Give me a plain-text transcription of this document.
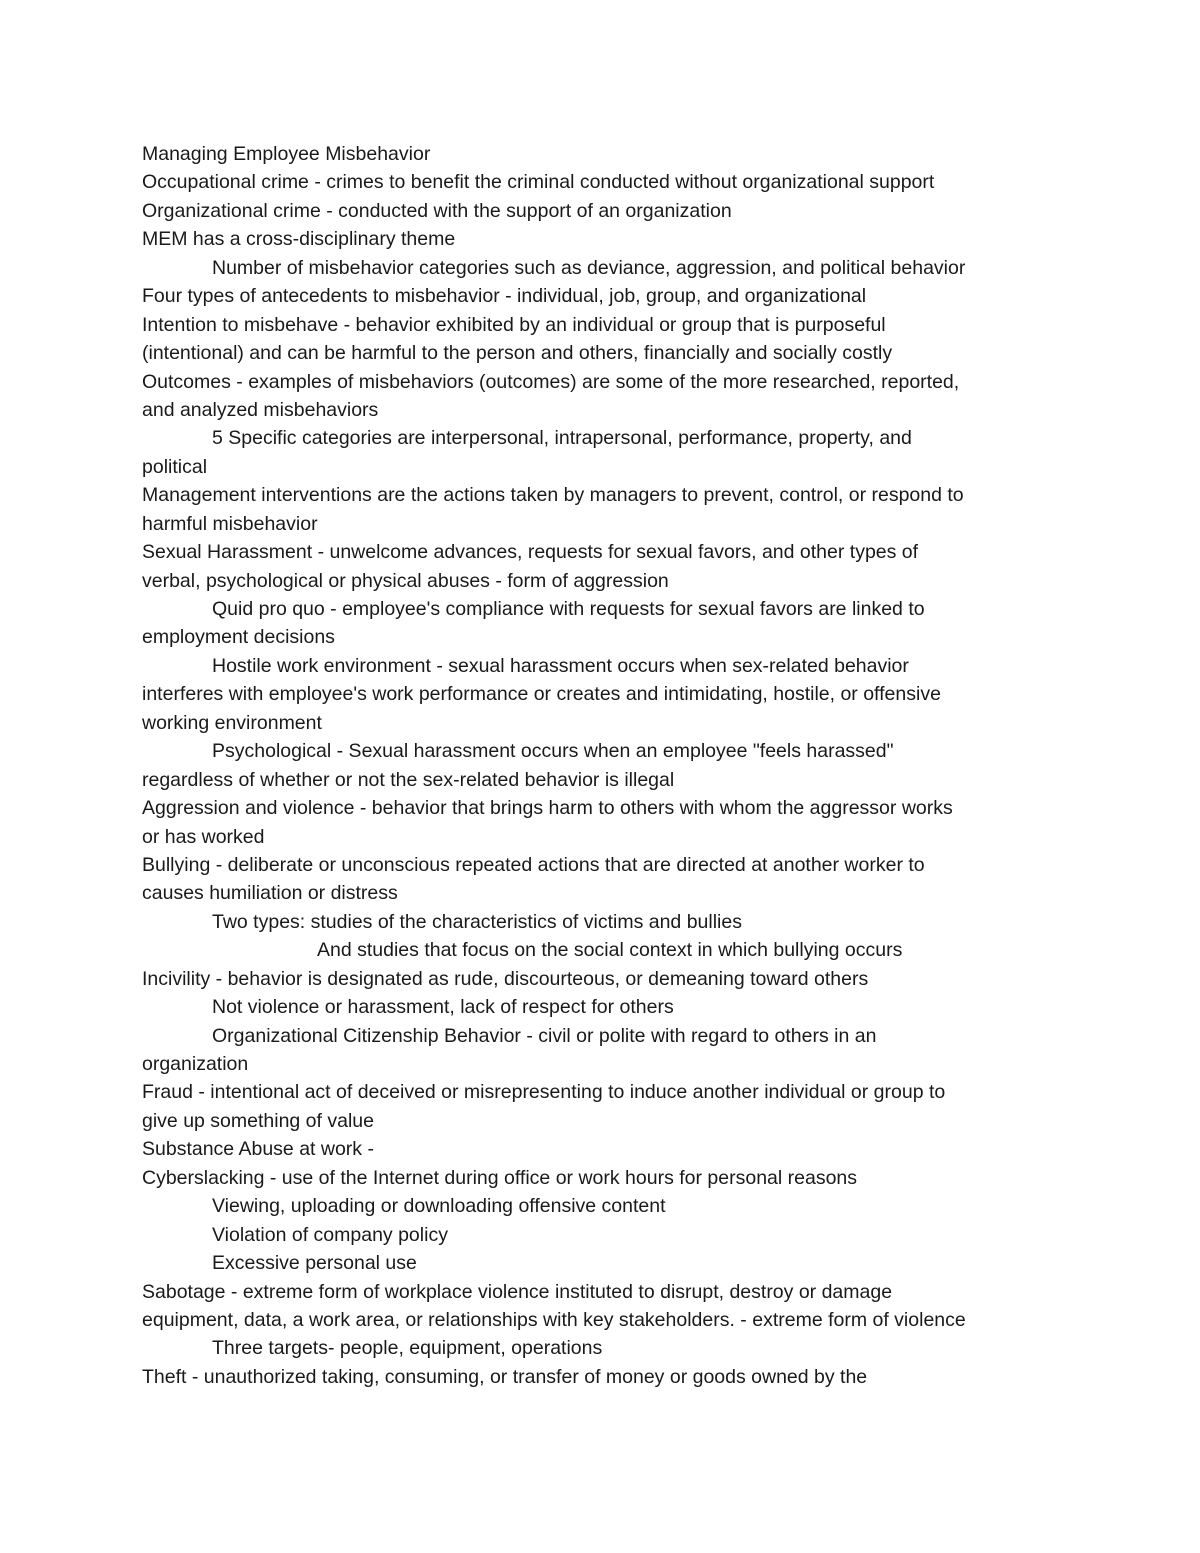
Managing Employee Misbehavior
Occupational crime - crimes to benefit the criminal conducted without organizational support
Organizational crime - conducted with the support of an organization
MEM has a cross-disciplinary theme
Number of misbehavior categories such as deviance, aggression, and political behavior
Four types of antecedents to misbehavior - individual, job, group, and organizational
Intention to misbehave - behavior exhibited by an individual or group that is purposeful
(intentional) and can be harmful to the person and others, financially and socially costly
Outcomes - examples of misbehaviors (outcomes) are some of the more researched, reported,
and analyzed misbehaviors
5 Specific categories are interpersonal, intrapersonal, performance, property, and
political
Management interventions are the actions taken by managers to prevent, control, or respond to
harmful misbehavior
Sexual Harassment - unwelcome advances, requests for sexual favors, and other types of
verbal, psychological or physical abuses - form of aggression
Quid pro quo - employee's compliance with requests for sexual favors are linked to
employment decisions
Hostile work environment - sexual harassment occurs when sex-related behavior
interferes with employee's work performance or creates and intimidating, hostile, or offensive
working environment
Psychological - Sexual harassment occurs when an employee "feels harassed"
regardless of whether or not the sex-related behavior is illegal
Aggression and violence - behavior that brings harm to others with whom the aggressor works
or has worked
Bullying - deliberate or unconscious repeated actions that are directed at another worker to
causes humiliation or distress
Two types: studies of the characteristics of victims and bullies
And studies that focus on the social context in which bullying occurs
Incivility - behavior is designated as rude, discourteous, or demeaning toward others
Not violence or harassment, lack of respect for others
Organizational Citizenship Behavior - civil or polite with regard to others in an
organization
Fraud - intentional act of deceived or misrepresenting to induce another individual or group to
give up something of value
Substance Abuse at work -
Cyberslacking - use of the Internet during office or work hours for personal reasons
Viewing, uploading or downloading offensive content
Violation of company policy
Excessive personal use
Sabotage - extreme form of workplace violence instituted to disrupt, destroy or damage
equipment, data, a work area, or relationships with key stakeholders. - extreme form of violence
Three targets- people, equipment, operations
Theft - unauthorized taking, consuming, or transfer of money or goods owned by the
